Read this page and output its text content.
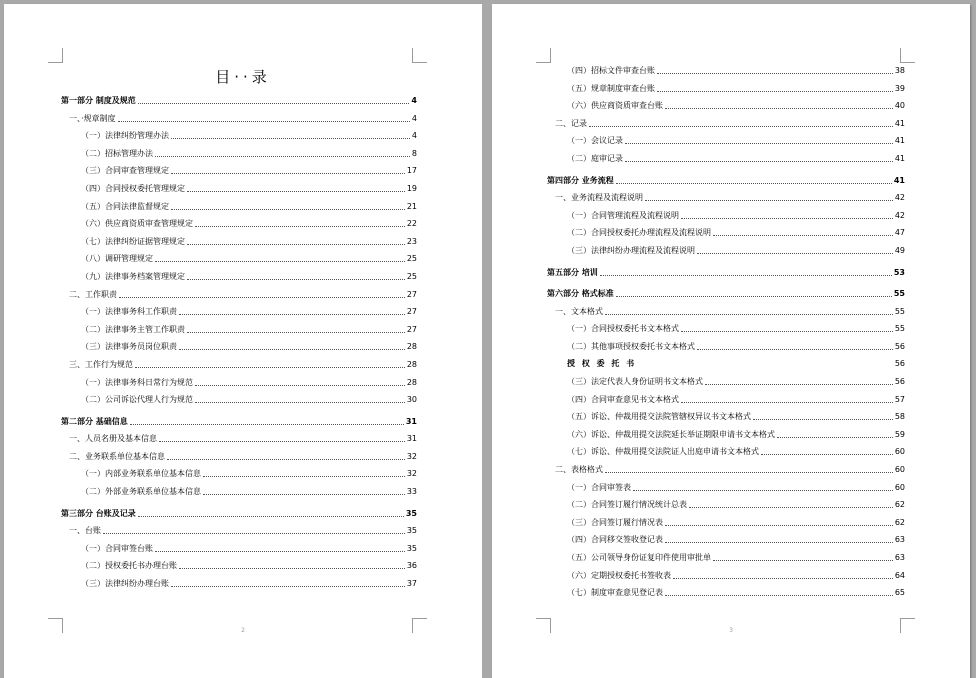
目··录
第一部分 制度及规范	4
一、·规章制度	4
（一）法律纠纷管理办法	4
（二）招标管理办法	8
（三）合同审查管理规定	17
（四）合同授权委托管理规定	19
（五）合同法律监督规定	21
（六）供应商资质审查管理规定	22
（七）法律纠纷证据管理规定	23
（八）调研管理规定	25
（九）法律事务档案管理规定	25
二、工作职责	27
（一）法律事务科工作职责	27
（二）法律事务主管工作职责	27
（三）法律事务员岗位职责	28
三、工作行为规范	28
（一）法律事务科日常行为规范	28
（二）公司诉讼代理人行为规范	30
第二部分 基础信息	31
一、人员名册及基本信息	31
二、业务联系单位基本信息	32
（一）内部业务联系单位基本信息	32
（二）外部业务联系单位基本信息	33
第三部分 台账及记录	35
一、台账	35
（一）合同审签台账	35
（二）授权委托书办理台账	36
（三）法律纠纷办理台账	37
2
（四）招标文件审查台账	38
（五）规章制度审查台账	39
（六）供应商资质审查台账	40
二、记录	41
（一）会议记录	41
（二）庭审记录	41
第四部分 业务流程	41
一、业务流程及流程说明	42
（一）合同管理流程及流程说明	42
（二）合同授权委托办理流程及流程说明	47
（三）法律纠纷办理流程及流程说明	49
第五部分 培训	53
第六部分 格式标准	55
一、文本格式	55
（一）合同授权委托书文本格式	55
（二）其他事项授权委托书文本格式	56
授 权 委 托 书	56
（三）法定代表人身份证明书文本格式	56
（四）合同审查意见书文本格式	57
（五）诉讼、仲裁用提交法院管辖权异议书文本格式	58
（六）诉讼、仲裁用提交法院延长举证期限申请书文本格式	59
（七）诉讼、仲裁用提交法院证人出庭申请书文本格式	60
二、表格格式	60
（一）合同审签表	60
（二）合同签订履行情况统计总表	62
（三）合同签订履行情况表	62
（四）合同移交签收登记表	63
（五）公司领导身份证复印件使用审批单	63
（六）定期授权委托书签收表	64
（七）制度审查意见登记表	65
3
